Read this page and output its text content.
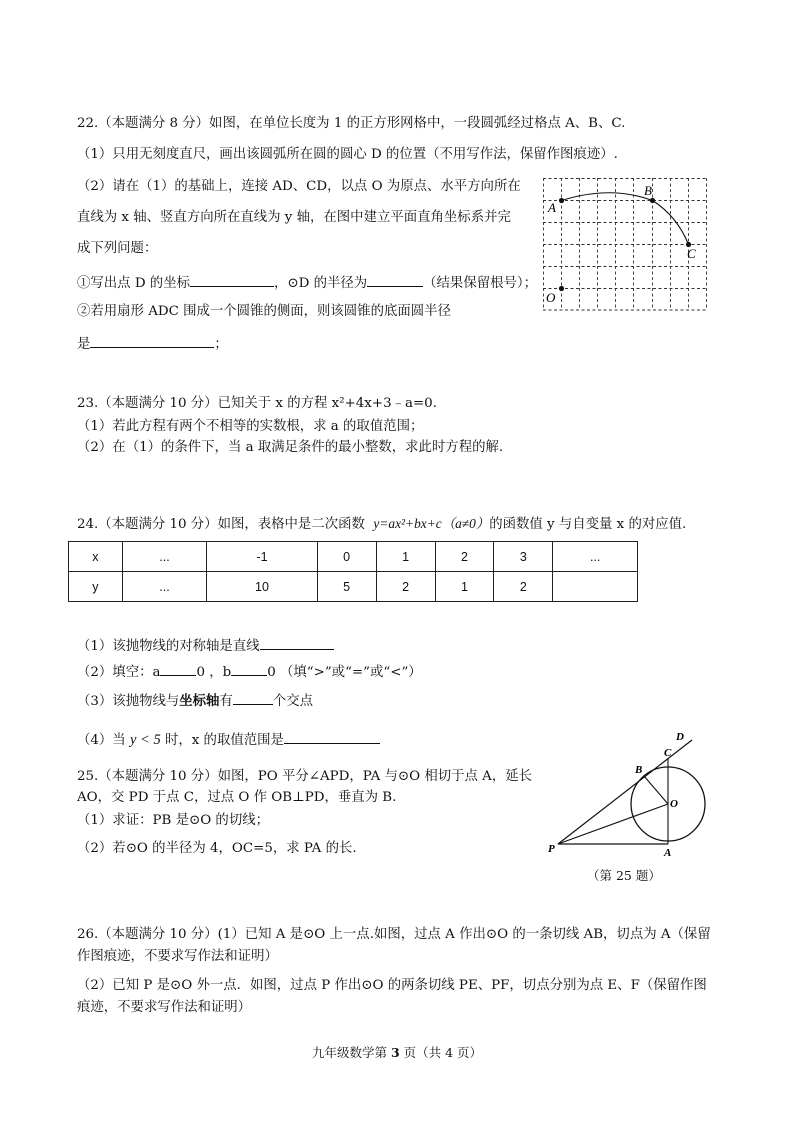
22.（本题满分 8 分）如图，在单位长度为 1 的正方形网格中，一段圆弧经过格点 A、B、C.
（1）只用无刻度直尺，画出该圆弧所在圆的圆心 D 的位置（不用写作法，保留作图痕迹）.
（2）请在（1）的基础上，连接 AD、CD，以点 O 为原点、水平方向所在
直线为 x 轴、竖直方向所在直线为 y 轴，在图中建立平面直角坐标系并完
成下列问题：
①写出点 D 的坐标	，⊙D 的半径为	（结果保留根号）；
②若用扇形 ADC 围成一个圆锥的侧面，则该圆锥的底面圆半径
是	；
A
B
C
O
23.（本题满分 10 分）已知关于 x 的方程 x²+4x+3﹣a=0.
（1）若此方程有两个不相等的实数根，求 a 的取值范围；
（2）在（1）的条件下，当 a 取满足条件的最小整数，求此时方程的解.
24.（本题满分 10 分）如图，表格中是二次函数 y=ax²+bx+c（a≠0）的函数值 y 与自变量 x 的对应值.
x	...	-1	0	1	2	3	...
y	...	10	5	2	1	2	
（1）该抛物线的对称轴是直线
（2）填空：a	0 ，b	0 （填“>”或“=”或“<”）
（3）该抛物线与坐标轴有	个交点
（4）当 y < 5 时，x 的取值范围是
25.（本题满分 10 分）如图，PO 平分∠APD，PA 与⊙O 相切于点 A，延长
AO，交 PD 于点 C，过点 O 作 OB⊥PD，垂直为 B.
（1）求证：PB 是⊙O 的切线；
（2）若⊙O 的半径为 4，OC=5，求 PA 的长.
D
C
B
O
P	A
（第 25 题）
26.（本题满分 10 分）(1）已知 A 是⊙O 上一点.如图，过点 A 作出⊙O 的一条切线 AB，切点为 A（保留
作图痕迹，不要求写作法和证明）
（2）已知 P 是⊙O 外一点．如图，过点 P 作出⊙O 的两条切线 PE、PF，切点分别为点 E、F（保留作图
痕迹，不要求写作法和证明）
九年级数学第 3 页（共 4 页）
